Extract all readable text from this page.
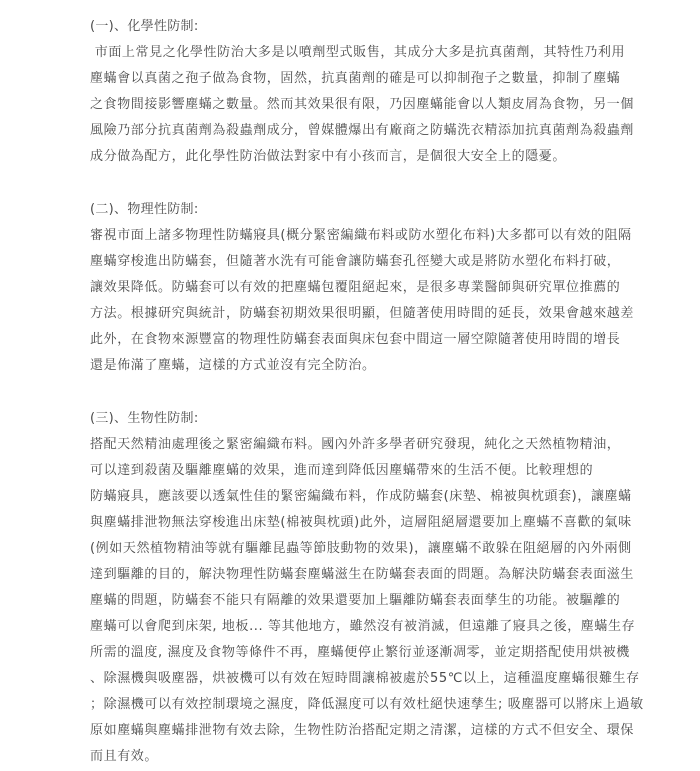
(一)、化學性防制:
市面上常見之化學性防治大多是以噴劑型式販售，其成分大多是抗真菌劑，其特性乃利用
塵蟎會以真菌之孢子做為食物，固然，抗真菌劑的確是可以抑制孢子之數量，抑制了塵蟎
之食物間接影響塵蟎之數量。然而其效果很有限，乃因塵蟎能會以人類皮屑為食物，另一個
風險乃部分抗真菌劑為殺蟲劑成分，曾媒體爆出有廠商之防蟎洗衣精添加抗真菌劑為殺蟲劑
成分做為配方，此化學性防治做法對家中有小孩而言，是個很大安全上的隱憂。
(二)、物理性防制:
審視市面上諸多物理性防蟎寢具(概分緊密編織布料或防水塑化布料)大多都可以有效的阻隔
塵蟎穿梭進出防蟎套，但隨著水洗有可能會讓防蟎套孔徑變大或是將防水塑化布料打破，
讓效果降低。防蟎套可以有效的把塵蟎包覆阻絕起來，是很多專業醫師與研究單位推薦的
方法。根據研究與統計，防蟎套初期效果很明顯，但隨著使用時間的延長，效果會越來越差
此外，在食物來源豐富的物理性防蟎套表面與床包套中間這一層空隙隨著使用時間的增長
還是佈滿了塵蟎，這樣的方式並沒有完全防治。
(三)、生物性防制:
搭配天然精油處理後之緊密編織布料。國內外許多學者研究發現，純化之天然植物精油，
可以達到殺菌及驅離塵蟎的效果，進而達到降低因塵蟎帶來的生活不便。比較理想的
防蟎寢具，應該要以透氣性佳的緊密編織布料，作成防蟎套(床墊、棉被與枕頭套)，讓塵蟎
與塵蟎排泄物無法穿梭進出床墊(棉被與枕頭)此外，這層阻絕層還要加上塵蟎不喜歡的氣味
(例如天然植物精油等就有驅離昆蟲等節肢動物的效果)，讓塵蟎不敢躲在阻絕層的內外兩側
達到驅離的目的，解決物理性防蟎套塵蟎滋生在防蟎套表面的問題。為解決防蟎套表面滋生
塵蟎的問題，防蟎套不能只有隔離的效果還要加上驅離防蟎套表面孳生的功能。被驅離的
塵蟎可以會爬到床架, 地板... 等其他地方，雖然沒有被消滅，但遠離了寢具之後，塵蟎生存
所需的溫度, 濕度及食物等條件不再，塵蟎便停止繁衍並逐漸凋零，並定期搭配使用烘被機
、除濕機與吸塵器，烘被機可以有效在短時間讓棉被處於55℃以上，這種溫度塵蟎很難生存
；除濕機可以有效控制環境之濕度，降低濕度可以有效杜絕快速孳生; 吸塵器可以將床上過敏
原如塵蟎與塵蟎排泄物有效去除，生物性防治搭配定期之清潔，這樣的方式不但安全、環保
而且有效。
